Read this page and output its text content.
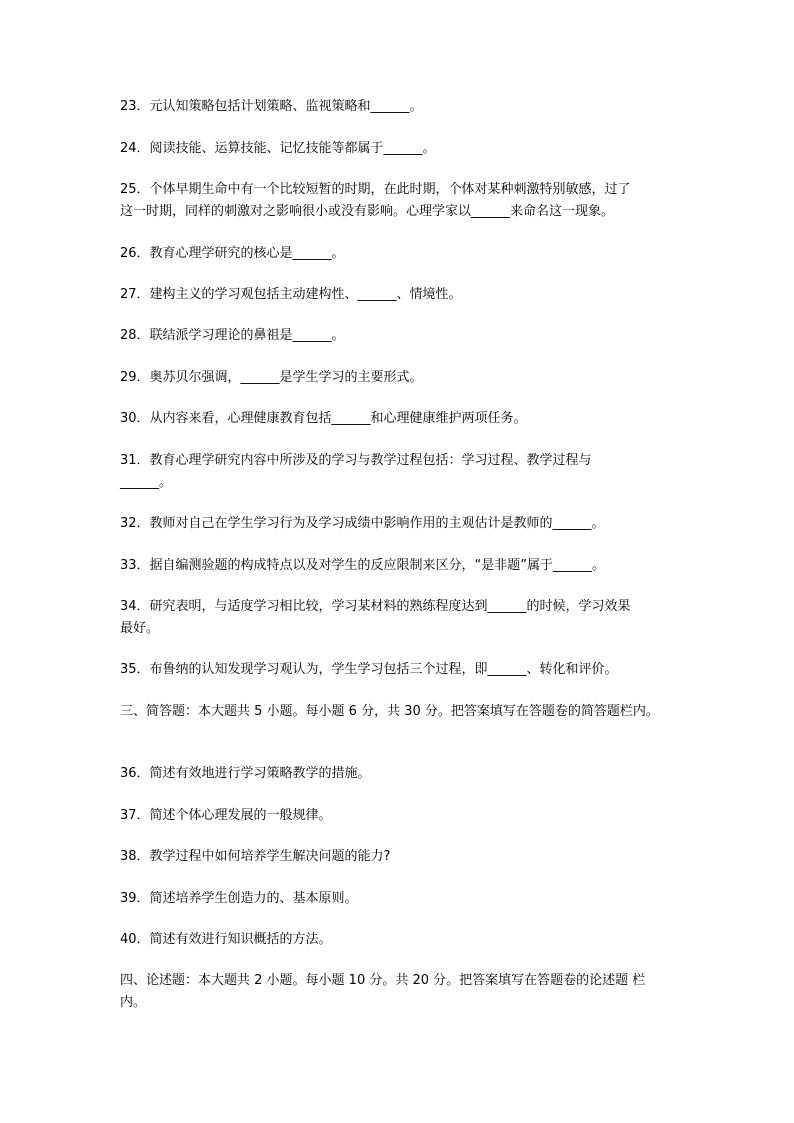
23．元认知策略包括计划策略、监视策略和______。
24．阅读技能、运算技能、记忆技能等都属于______。
25．个体早期生命中有一个比较短暂的时期，在此时期，个体对某种刺激特别敏感，过了
这一时期，同样的刺激对之影响很小或没有影响。心理学家以______来命名这一现象。
26．教育心理学研究的核心是______。
27．建构主义的学习观包括主动建构性、______、情境性。
28．联结派学习理论的鼻祖是______。
29．奥苏贝尔强调，______是学生学习的主要形式。
30．从内容来看，心理健康教育包括______和心理健康维护两项任务。
31．教育心理学研究内容中所涉及的学习与教学过程包括：学习过程、教学过程与
______。
32．教师对自己在学生学习行为及学习成绩中影响作用的主观估计是教师的______。
33．据自编测验题的构成特点以及对学生的反应限制来区分，“是非题”属于______。
34．研究表明，与适度学习相比较，学习某材料的熟练程度达到______的时候，学习效果
最好。
35．布鲁纳的认知发现学习观认为，学生学习包括三个过程，即______、转化和评价。
三、简答题：本大题共 5 小题。每小题 6 分，共 30 分。把答案填写在答题卷的简答题栏内。
36．简述有效地进行学习策略教学的措施。
37．简述个体心理发展的一般规律。
38．教学过程中如何培养学生解决问题的能力?
39．简述培养学生创造力的、基本原则。
40．简述有效进行知识概括的方法。
四、论述题：本大题共 2 小题。每小题 10 分。共 20 分。把答案填写在答题卷的论述题 栏
内。
